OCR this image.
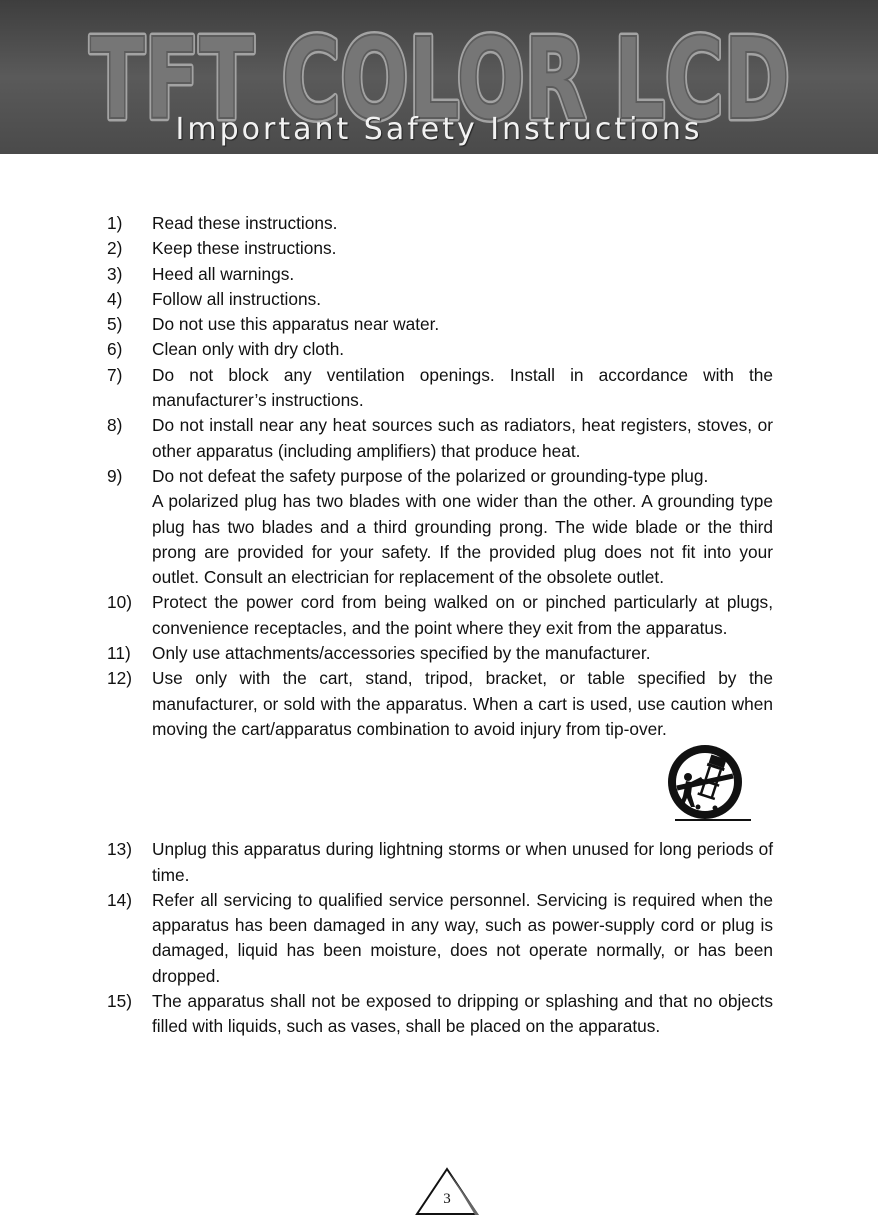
TFT COLOR LCD
TFT COLOR LCD
Important Safety Instructions
1)	Read these instructions.
2)	Keep these instructions.
3)	Heed all warnings.
4)	Follow all instructions.
5)	Do not use this apparatus near water.
6)	Clean only with dry cloth.
7)	Do not block any ventilation openings. Install in accordance with the manufacturer’s instructions.
8)	Do not install near any heat sources such as radiators, heat registers, stoves, or other apparatus (including amplifiers) that produce heat.
9)	Do not defeat the safety purpose of the polarized or grounding-type plug.

A polarized plug has two blades with one wider than the other. A grounding type plug has two blades and a third grounding prong. The wide blade or the third prong are provided for your safety. If the provided plug does not fit into your outlet. Consult an electrician for replacement of the obsolete outlet.

10)	Protect the power cord from being walked on or pinched particularly at plugs, convenience receptacles, and the point where they exit from the apparatus.
11)	Only use attachments/accessories specified by the manufacturer.
12)	Use only with the cart, stand, tripod, bracket, or table specified by the manufacturer, or sold with the apparatus. When a cart is used, use caution when moving the cart/apparatus combination to avoid injury from tip-over.
13)	Unplug this apparatus during lightning storms or when unused for long periods of time.
14)	Refer all servicing to qualified service personnel. Servicing is required when the apparatus has been damaged in any way, such as power-supply cord or plug is damaged, liquid has been moisture, does not operate normally, or has been dropped.
15)	The apparatus shall not be exposed to dripping or splashing and that no objects filled with liquids, such as vases, shall be placed on the apparatus.
3
